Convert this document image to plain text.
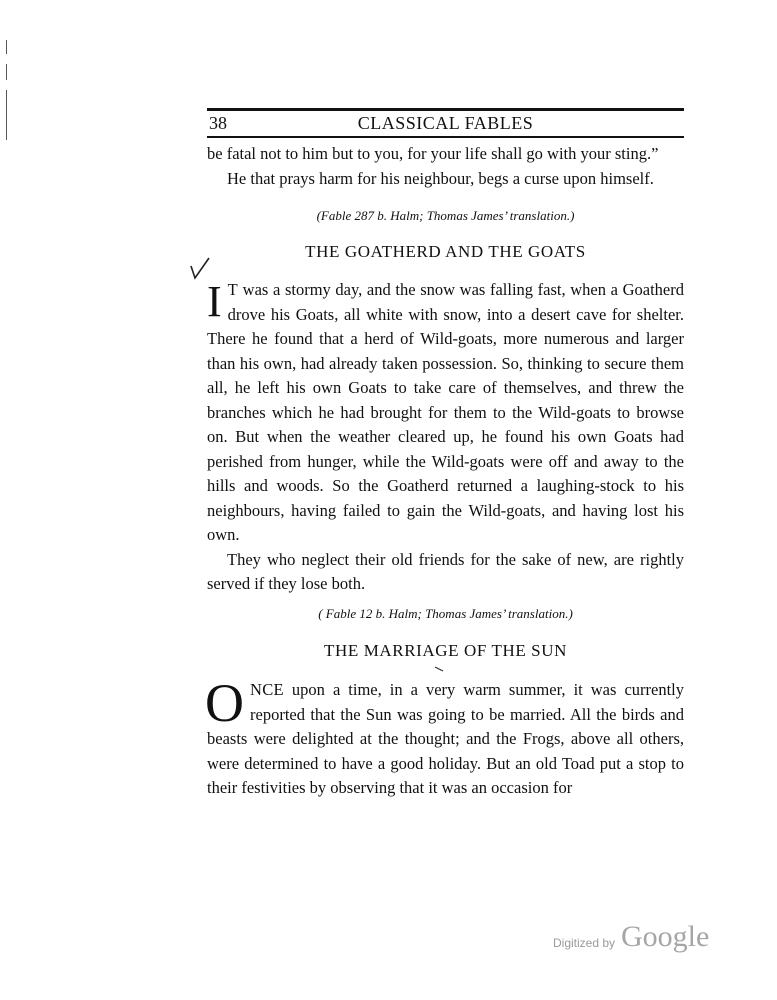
38	CLASSICAL FABLES

be fatal not to him but to you, for your life shall go with your sting.”

He that prays harm for his neighbour, begs a curse upon himself.

(Fable 287 b. Halm; Thomas James’ translation.)

THE GOATHERD AND THE GOATS

I T was a stormy day, and the snow was falling fast, when a Goatherd drove his Goats, all white with snow, into a desert cave for shelter. There he found that a herd of Wild-goats, more numerous and larger than his own, had already taken possession. So, thinking to secure them all, he left his own Goats to take care of themselves, and threw the branches which he had brought for them to the Wild-goats to browse on. But when the weather cleared up, he found his own Goats had perished from hunger, while the Wild-goats were off and away to the hills and woods. So the Goatherd returned a laughing-stock to his neighbours, having failed to gain the Wild-goats, and having lost his own.

They who neglect their old friends for the sake of new, are rightly served if they lose both.

( Fable 12 b. Halm; Thomas James’ translation.)

THE MARRIAGE OF THE SUN

ONCE upon a time, in a very warm summer, it was currently reported that the Sun was going to be married. All the birds and beasts were delighted at the thought; and the Frogs, above all others, were determined to have a good holiday. But an old Toad put a stop to their festivities by observing that it was an occasion for

Digitized by Google
